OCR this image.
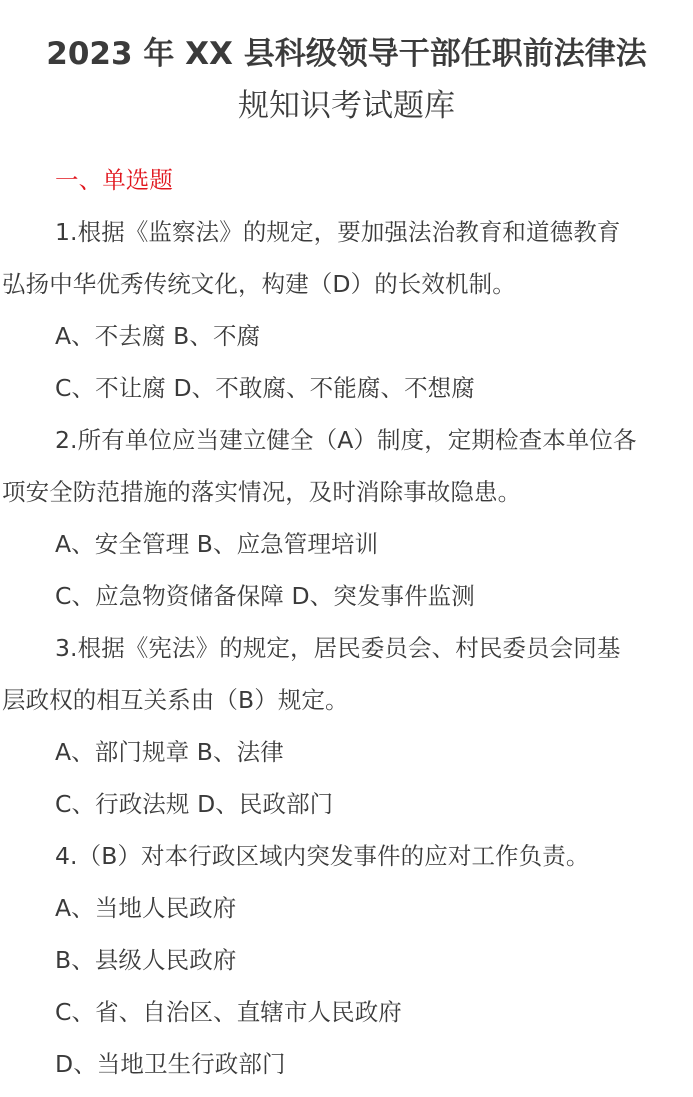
2023 年 XX 县科级领导干部任职前法律法
规知识考试题库
一、单选题
1.根据《监察法》的规定，要加强法治教育和道德教育
弘扬中华优秀传统文化，构建（D）的长效机制。
A、不去腐 B、不腐
C、不让腐 D、不敢腐、不能腐、不想腐
2.所有单位应当建立健全（A）制度，定期检查本单位各
项安全防范措施的落实情况，及时消除事故隐患。
A、安全管理 B、应急管理培训
C、应急物资储备保障 D、突发事件监测
3.根据《宪法》的规定，居民委员会、村民委员会同基
层政权的相互关系由（B）规定。
A、部门规章 B、法律
C、行政法规 D、民政部门
4.（B）对本行政区域内突发事件的应对工作负责。
A、当地人民政府
B、县级人民政府
C、省、自治区、直辖市人民政府
D、当地卫生行政部门
